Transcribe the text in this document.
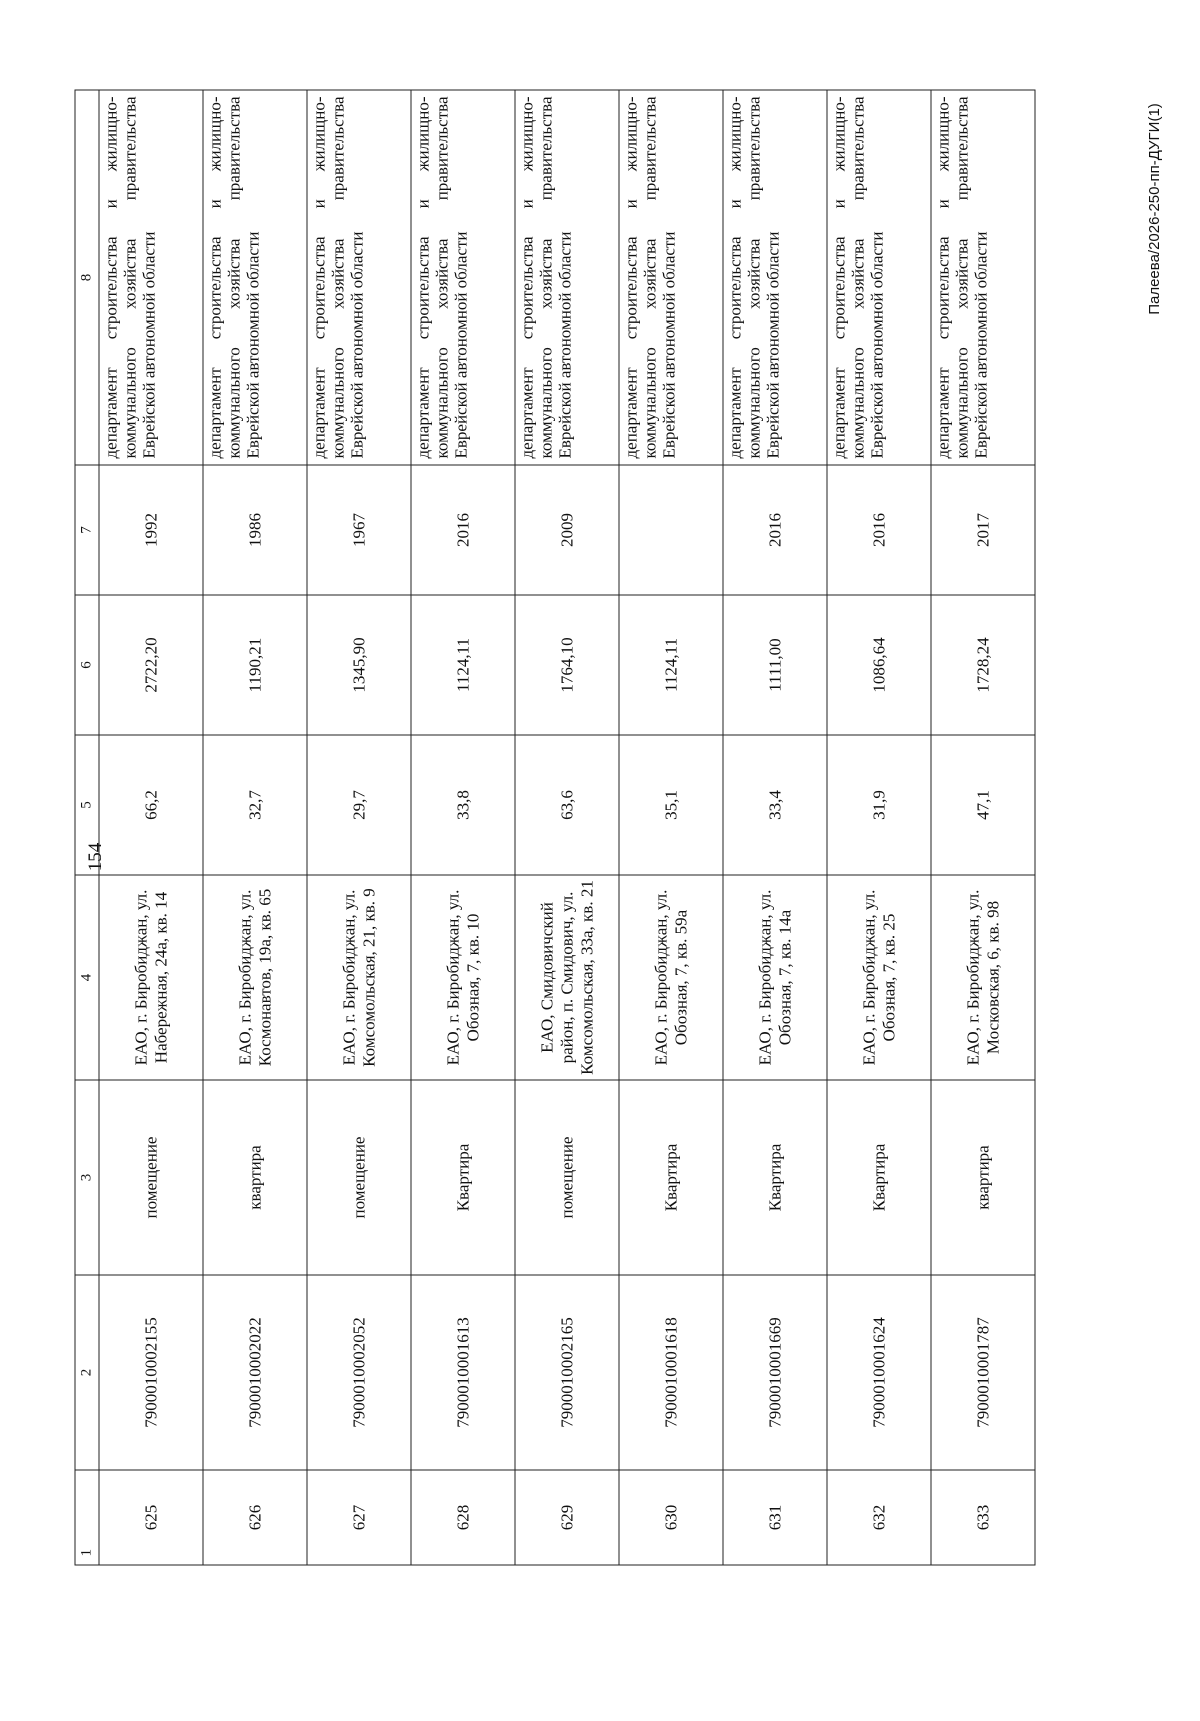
154
1	2	3	4	5	6	7	8
625	7900010002155	помещение	ЕАО, г. Биробиджан, ул. Набережная, 24а, кв. 14	66,2	2722,20	1992	департамент строительства и жилищно-коммунального хозяйства правительства Еврейской автономной области
626	7900010002022	квартира	ЕАО, г. Биробиджан, ул. Космонавтов, 19а, кв. 65	32,7	1190,21	1986	департамент строительства и жилищно-коммунального хозяйства правительства Еврейской автономной области
627	7900010002052	помещение	ЕАО, г. Биробиджан, ул. Комсомольская, 21, кв. 9	29,7	1345,90	1967	департамент строительства и жилищно-коммунального хозяйства правительства Еврейской автономной области
628	7900010001613	Квартира	ЕАО, г. Биробиджан, ул. Обозная, 7, кв. 10	33,8	1124,11	2016	департамент строительства и жилищно-коммунального хозяйства правительства Еврейской автономной области
629	7900010002165	помещение	ЕАО, Смидовичский район, п. Смидович, ул. Комсомольская, 33а, кв. 21	63,6	1764,10	2009	департамент строительства и жилищно-коммунального хозяйства правительства Еврейской автономной области
630	7900010001618	Квартира	ЕАО, г. Биробиджан, ул. Обозная, 7, кв. 59а	35,1	1124,11		департамент строительства и жилищно-коммунального хозяйства правительства Еврейской автономной области
631	7900010001669	Квартира	ЕАО, г. Биробиджан, ул. Обозная, 7, кв. 14а	33,4	1111,00	2016	департамент строительства и жилищно-коммунального хозяйства правительства Еврейской автономной области
632	7900010001624	Квартира	ЕАО, г. Биробиджан, ул. Обозная, 7, кв. 25	31,9	1086,64	2016	департамент строительства и жилищно-коммунального хозяйства правительства Еврейской автономной области
633	7900010001787	квартира	ЕАО, г. Биробиджан, ул. Московская, 6, кв. 98	47,1	1728,24	2017	департамент строительства и жилищно-коммунального хозяйства правительства Еврейской автономной области
Палеева/2026-250-пп-ДУГИ(1)
